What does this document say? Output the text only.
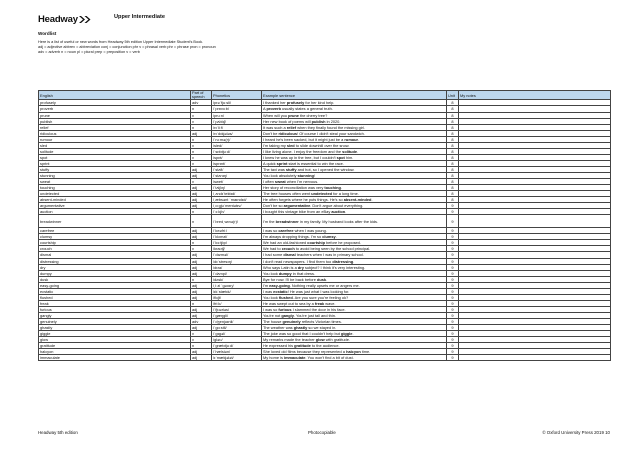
Headway	Upper Intermediate
Wordlist
Here is a list of useful or new words from Headway 5th edition Upper Intermediate Student's Book.
adj = adjective abbrev = abbreviation conj = conjunction phr v = phrasal verb phr = phrase pron = pronoun
adv = adverb n = noun pl = plural prep = preposition v = verb
English	Part of speech	Phonetics	Example sentence	Unit	My notes
profusely	adv	/prəˈfjuːsli/	I thanked her profusely for her kind help.	8	
proverb	n	/ˈprɒvɜːb/	A proverb usually states a general truth.	8	
prune	v	/pruːn/	When will you prune the cherry tree?	8	
publish	v	/ˈpʌblɪʃ/	Her new book of poems will publish in 2020.	8	
relief	n	/rɪˈliːf/	It was such a relief when they finally found the missing girl.	8	
ridiculous	adj	/rɪˈdɪkjələs/	Don't be ridiculous! Of course I didn't steal your sandwich.	8	
rumour	n	/ˈruːmə(r)/	I heard he's been sacked, but it might just be a rumour.	8	
sled	v	/sled/	I'm taking my sled to slide downhill over the snow.	8	
solitude	n	/ˈsɒlɪtjuːd/	I like living alone. I enjoy the freedom and the solitude.	8	
spot	v	/spɒt/	I knew he was up in the tree, but I couldn't spot him.	8	
sprint	v	/sprɪnt/	A quick sprint start is essential to win the race.	8	
stuffy	adj	/ˈstʌfi/	The taxi was stuffy and hot, so I opened the window.	8	
stunning	adj	/ˈstʌnɪŋ/	You look absolutely stunning!	8	
sweat	v	/swet/	I often sweat when I'm nervous.	8	
touching	adj	/ˈtʌtʃɪŋ/	Her story of reconciliation was very touching.	8	
undetected	adj	/ˌʌndɪˈtektɪd/	The tree houses often went undetected for a long time.	8	
absent-minded	adj	/ˌæbsənt ˈmaɪndɪd/	He often forgets where he puts things. He's so absent-minded.	8	
argumentative	adj	/ˌɑːɡjuˈmentətɪv/	Don't be so argumentative. Don't argue about everything.	9	
auction	n	/ˈɔːkʃn/	I bought this vintage bike from an eBay auction.	9	
breadwinner	n	/ˈbredˌwɪnə(r)/	I'm the breadwinner in my family. My husband looks after the kids.	9	
carefree	adj	/ˈkeəfriː/	I was so carefree when I was young.	9	
clumsy	adj	/ˈklʌmzi/	I'm always dropping things. I'm so clumsy.	9	
courtship	n	/ˈkɔːtʃɪp/	We had an old-fashioned courtship before he proposed.	9	
crouch	v	/kraʊtʃ/	We had to crouch to avoid being seen by the school principal.	9	
dismal	adj	/ˈdɪzməl/	I had some dismal teachers when I was in primary school.	9	
distressing	adj	/dɪˈstresɪŋ/	I don't read newspapers. I find them too distressing.	9	
dry	adj	/draɪ/	Who says Latin is a dry subject? I think it's very interesting.	9	
dumpy	adj	/ˈdʌmpi/	You look dumpy in that dress.	9	
dusk	n	/dʌsk/	Bye for now. I'll be back before dusk.	9	
easy-going	adj	/ˌiːzi ˈɡəʊɪŋ/	I'm easy-going. Nothing really upsets me or angers me.	9	
ecstatic	adj	/ɪkˈstætɪk/	I was ecstatic! He was just what I was looking for.	9	
flushed	adj	/flʌʃt/	You look flushed. Are you sure you're feeling ok?	9	
freak	n	/friːk/	He was swept out to sea by a freak wave.	9	
furious	adj	/ˈfjʊəriəs/	I was so furious I slammed the door in his face.	9	
gangly	adj	/ˈɡæŋɡli/	You're not gangly. You're just tall and thin.	9	
genuinely	adv	/ˈdʒenjuɪnli/	The house genuinely reflects Victorian times.	9	
ghastly	adj	/ˈɡɑːstli/	The weather was ghastly so we stayed in.	9	
giggle	v	/ˈɡɪɡəl/	The joke was so good that I couldn't help but giggle.	9	
glow	v	/ɡləʊ/	My remarks made the teacher glow with gratitude.	9	
gratitude	n	/ˈɡrætɪtjuːd/	He expressed his gratitude to the audience.	9	
halcyon	adj	/ˈhælsiən/	She loved old films because they represented a halcyon time.	9	
immaculate	adj	/ɪˈmækjələt/	My home is immaculate. You won't find a bit of dust.	9	
Headway 5th edition	Photocopiable	© Oxford University Press 2019 10
